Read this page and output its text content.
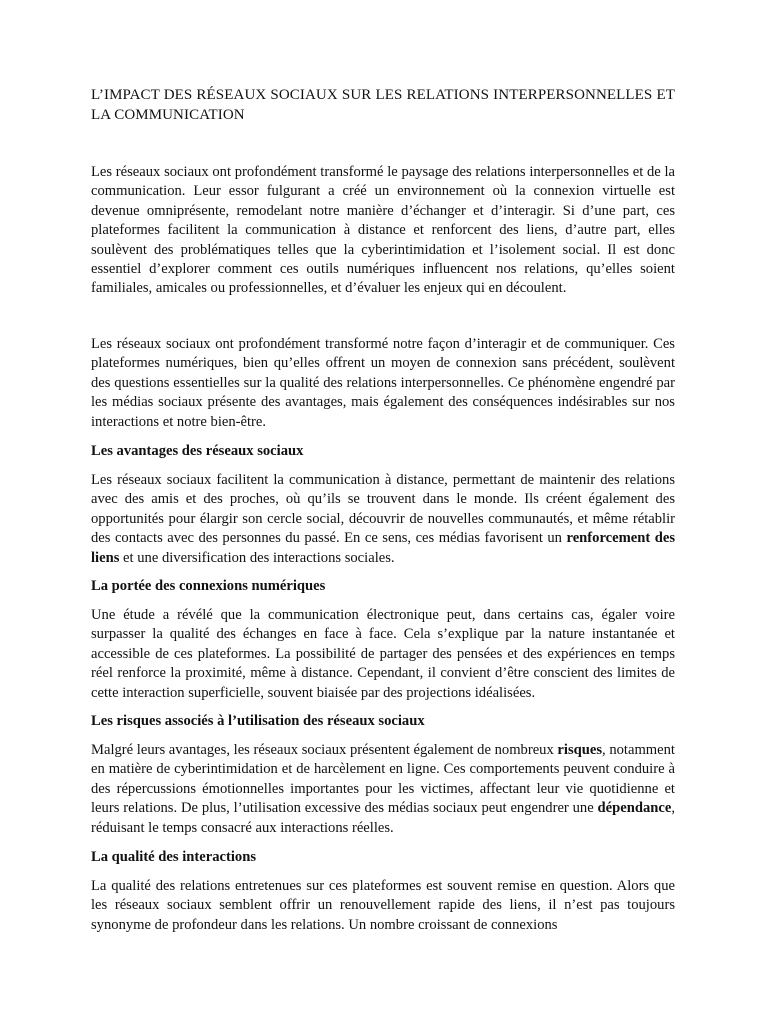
L’IMPACT DES RÉSEAUX SOCIAUX SUR LES RELATIONS INTERPERSONNELLES ET LA COMMUNICATION

Les réseaux sociaux ont profondément transformé le paysage des relations interpersonnelles et de la communication. Leur essor fulgurant a créé un environnement où la connexion virtuelle est devenue omniprésente, remodelant notre manière d’échanger et d’interagir. Si d’une part, ces plateformes facilitent la communication à distance et renforcent des liens, d’autre part, elles soulèvent des problématiques telles que la cyberintimidation et l’isolement social. Il est donc essentiel d’explorer comment ces outils numériques influencent nos relations, qu’elles soient familiales, amicales ou professionnelles, et d’évaluer les enjeux qui en découlent.

Les réseaux sociaux ont profondément transformé notre façon d’interagir et de communiquer. Ces plateformes numériques, bien qu’elles offrent un moyen de connexion sans précédent, soulèvent des questions essentielles sur la qualité des relations interpersonnelles. Ce phénomène engendré par les médias sociaux présente des avantages, mais également des conséquences indésirables sur nos interactions et notre bien-être.

Les avantages des réseaux sociaux

Les réseaux sociaux facilitent la communication à distance, permettant de maintenir des relations avec des amis et des proches, où qu’ils se trouvent dans le monde. Ils créent également des opportunités pour élargir son cercle social, découvrir de nouvelles communautés, et même rétablir des contacts avec des personnes du passé. En ce sens, ces médias favorisent un renforcement des liens et une diversification des interactions sociales.

La portée des connexions numériques

Une étude a révélé que la communication électronique peut, dans certains cas, égaler voire surpasser la qualité des échanges en face à face. Cela s’explique par la nature instantanée et accessible de ces plateformes. La possibilité de partager des pensées et des expériences en temps réel renforce la proximité, même à distance. Cependant, il convient d’être conscient des limites de cette interaction superficielle, souvent biaisée par des projections idéalisées.

Les risques associés à l’utilisation des réseaux sociaux

Malgré leurs avantages, les réseaux sociaux présentent également de nombreux risques, notamment en matière de cyberintimidation et de harcèlement en ligne. Ces comportements peuvent conduire à des répercussions émotionnelles importantes pour les victimes, affectant leur vie quotidienne et leurs relations. De plus, l’utilisation excessive des médias sociaux peut engendrer une dépendance, réduisant le temps consacré aux interactions réelles.

La qualité des interactions

La qualité des relations entretenues sur ces plateformes est souvent remise en question. Alors que les réseaux sociaux semblent offrir un renouvellement rapide des liens, il n’est pas toujours synonyme de profondeur dans les relations. Un nombre croissant de connexions
